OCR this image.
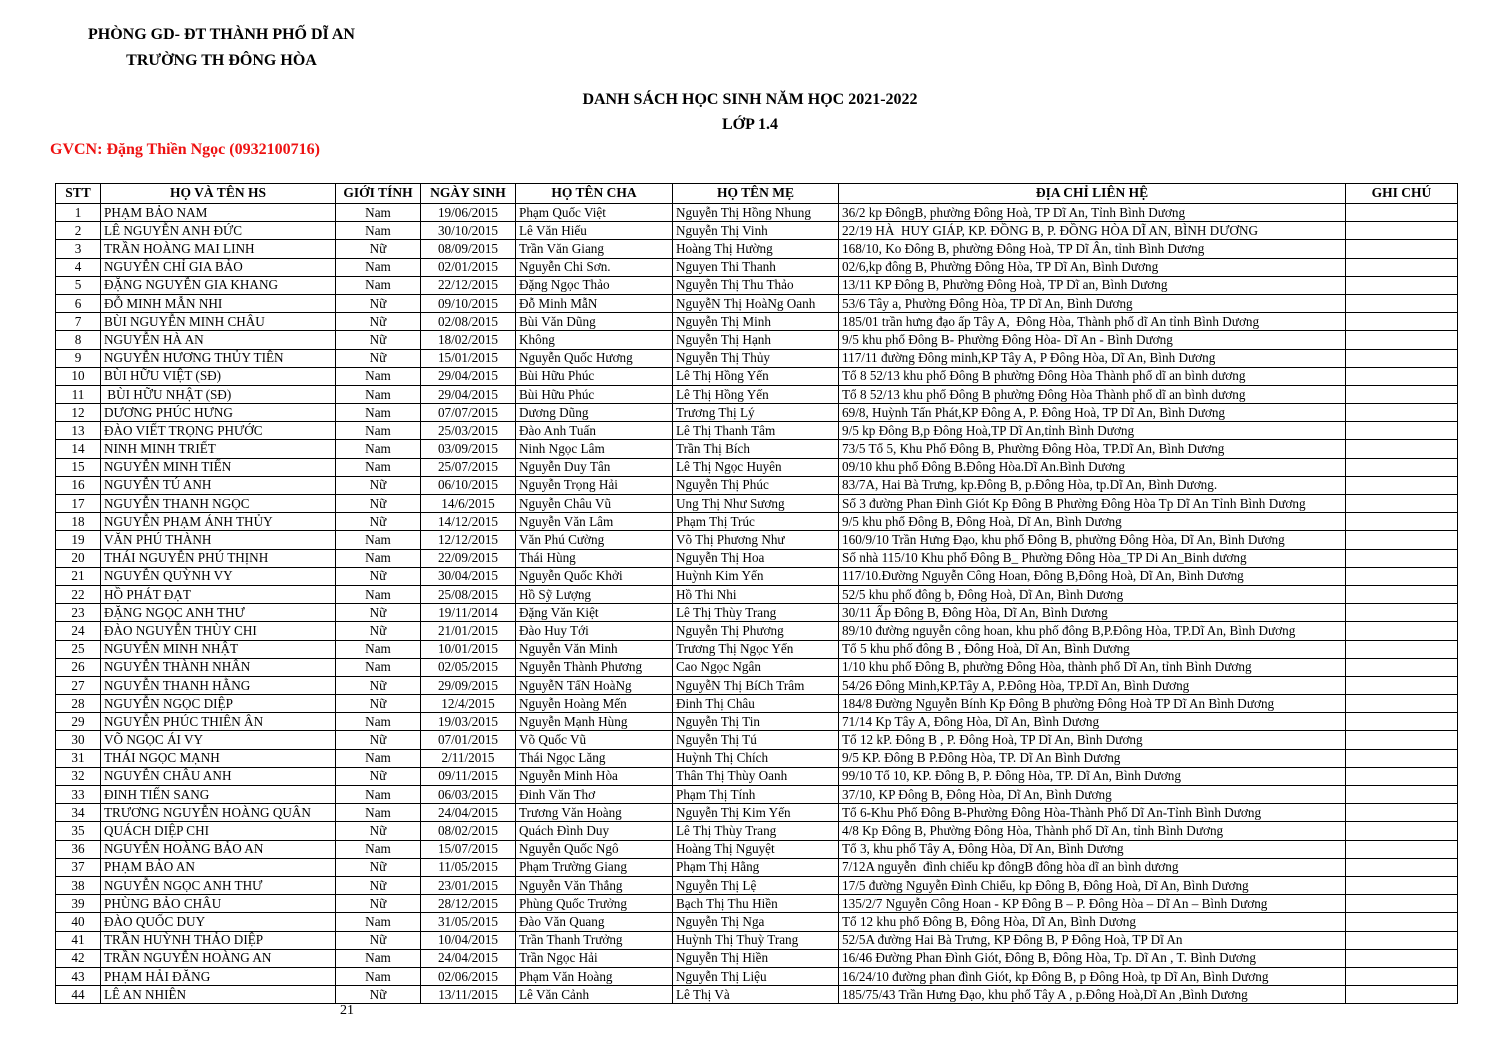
PHÒNG GD- ĐT THÀNH PHỐ DĨ AN
TRƯỜNG TH ĐÔNG HÒA
DANH SÁCH HỌC SINH NĂM HỌC 2021-2022
LỚP 1.4
GVCN: Đặng Thiền Ngọc (0932100716)
STT	HỌ VÀ TÊN HS	GIỚI TÍNH	NGÀY SINH	HỌ TÊN CHA	HỌ TÊN MẸ	ĐỊA CHỈ LIÊN HỆ	GHI CHÚ
1	PHẠM BẢO NAM	Nam	19/06/2015	Phạm Quốc Việt	Nguyễn Thị Hồng Nhung	36/2 kp ĐôngB, phường Đông Hoà, TP Dĩ An, Tỉnh Bình Dương	
2	LÊ NGUYỄN ANH ĐỨC	Nam	30/10/2015	Lê Văn Hiếu	Nguyễn Thị Vinh	22/19 HÀ  HUY GIÁP, KP. ĐỒNG B, P. ĐỒNG HÒA DĨ AN, BÌNH DƯƠNG	
3	TRẦN HOÀNG MAI LINH	Nữ	08/09/2015	Trần Văn Giang	Hoàng Thị Hường	168/10, Ko Đông B, phường Đông Hoà, TP Dĩ Ân, tỉnh Bình Dương	
4	NGUYỄN CHỈ GIA BẢO	Nam	02/01/2015	Nguyễn Chi Sơn.	Nguyen Thi Thanh	02/6,kp đông B, Phường Đông Hòa, TP Dĩ An, Bình Dương	
5	ĐẶNG NGUYỄN GIA KHANG	Nam	22/12/2015	Đặng Ngọc Thảo	Nguyễn Thị Thu Thảo	13/11 KP Đông B, Phường Đông Hoà, TP Dĩ an, Bình Dương	
6	ĐỖ MINH MẪN NHI	Nữ	09/10/2015	Đỗ Minh MẫN	NguyễN Thị HoàNg Oanh	53/6 Tây a, Phường Đông Hòa, TP Dĩ An, Bình Dương	
7	BÙI NGUYỄN MINH CHÂU	Nữ	02/08/2015	Bùi Văn Dũng	Nguyễn Thị Minh	185/01 trần hưng đạo ấp Tây A,  Đông Hòa, Thành phố dĩ An tỉnh Bình Dương	
8	NGUYỄN HÀ AN	Nữ	18/02/2015	Không	Nguyễn Thị Hạnh	9/5 khu phố Đông B- Phường Đông Hòa- Dĩ An - Bình Dương	
9	NGUYỄN HƯƠNG THỦY TIÊN	Nữ	15/01/2015	Nguyễn Quốc Hương	Nguyễn Thị Thủy	117/11 đường Đông minh,KP Tây A, P Đông Hòa, Dĩ An, Bình Dương	
10	BÙI HỮU VIỆT (SĐ)	Nam	29/04/2015	Bùi Hữu Phúc	Lê Thị Hồng Yến	Tổ 8 52/13 khu phố Đông B phường Đông Hòa Thành phố dĩ an bình dương	
11	BÙI HỮU NHẬT (SĐ)	Nam	29/04/2015	Bùi Hữu Phúc	Lê Thị Hồng Yến	Tổ 8 52/13 khu phố Đông B phường Đông Hòa Thành phố dĩ an bình dương	
12	DƯƠNG PHÚC HƯNG	Nam	07/07/2015	Dương Dũng	Trương Thị Lý	69/8, Huỳnh Tấn Phát,KP Đông A, P. Đông Hoà, TP Dĩ An, Bình Dương	
13	ĐÀO VIẾT TRỌNG PHƯỚC	Nam	25/03/2015	Đào Anh Tuấn	Lê Thị Thanh Tâm	9/5 kp Đông B,p Đông Hoà,TP Dĩ An,tỉnh Bình Dương	
14	NINH MINH TRIẾT	Nam	03/09/2015	Ninh Ngọc Lâm	Trần Thị Bích	73/5 Tổ 5, Khu Phố Đông B, Phường Đông Hòa, TP.Dĩ An, Bình Dương	
15	NGUYỄN MINH TIẾN	Nam	25/07/2015	Nguyễn Duy Tân	Lê Thị Ngọc Huyên	09/10 khu phố Đông B.Đông Hòa.Dĩ An.Bình Dương	
16	NGUYỄN TÚ ANH	Nữ	06/10/2015	Nguyễn Trọng Hải	Nguyễn Thị Phúc	83/7A, Hai Bà Trưng, kp.Đông B, p.Đông Hòa, tp.Dĩ An, Bình Dương.	
17	NGUYỄN THANH NGỌC	Nữ	14/6/2015	Nguyễn Châu Vũ	Ung Thị Như Sương	Số 3 đường Phan Đình Giót Kp Đông B Phường Đông Hòa Tp Dĩ An Tỉnh Bình Dương	
18	NGUYỄN PHẠM ÁNH THỦY	Nữ	14/12/2015	Nguyễn Văn Lâm	Phạm Thị Trúc	9/5 khu phố Đông B, Đông Hoà, Dĩ An, Bình Dương	
19	VĂN PHÚ THÀNH	Nam	12/12/2015	Văn Phú Cường	Võ Thị Phương Như	160/9/10 Trần Hưng Đạo, khu phố Đông B, phường Đông Hòa, Dĩ An, Bình Dương	
20	THÁI NGUYỄN PHÚ THỊNH	Nam	22/09/2015	Thái Hùng	Nguyễn Thị Hoa	Số nhà 115/10 Khu phố Đông B_ Phường Đông Hòa_TP Di An_Binh dương	
21	NGUYỄN QUỲNH VY	Nữ	30/04/2015	Nguyễn Quốc Khởi	Huỳnh Kim Yến	117/10.Đường Nguyễn Công Hoan, Đông B,Đông Hoà, Dĩ An, Bình Dương	
22	HỒ PHÁT ĐẠT	Nam	25/08/2015	Hồ Sỹ Lượng	Hồ Thi Nhi	52/5 khu phố đông b, Đông Hoà, Dĩ An, Bình Dương	
23	ĐẶNG NGỌC ANH THƯ	Nữ	19/11/2014	Đặng Văn Kiệt	Lê Thị Thùy Trang	30/11 Ấp Đông B, Đông Hòa, Dĩ An, Bình Dương	
24	ĐÀO NGUYỄN THÙY CHI	Nữ	21/01/2015	Đào Huy Tới	Nguyễn Thị Phương	89/10 đường nguyễn công hoan, khu phố đông B,P.Đông Hòa, TP.Dĩ An, Bình Dương	
25	NGUYỄN MINH NHẬT	Nam	10/01/2015	Nguyễn Văn Minh	Trương Thị Ngọc Yến	Tổ 5 khu phố đông B , Đông Hoà, Dĩ An, Bình Dương	
26	NGUYỄN THÀNH NHÂN	Nam	02/05/2015	Nguyễn Thành Phương	Cao Ngọc Ngân	1/10 khu phố Đông B, phường Đông Hòa, thành phố Dĩ An, tỉnh Bình Dương	
27	NGUYỄN THANH HẰNG	Nữ	29/09/2015	NguyễN TấN HoàNg	NguyễN Thị BíCh Trâm	54/26 Đông Minh,KP.Tây A, P.Đông Hòa, TP.Dĩ An, Bình Dương	
28	NGUYỄN NGỌC DIỆP	Nữ	12/4/2015	Nguyễn Hoàng Mến	Đinh Thị Châu	184/8 Đường Nguyễn Bính Kp Đông B phường Đông Hoà TP Dĩ An Bình Dương	
29	NGUYỄN PHÚC THIÊN ÂN	Nam	19/03/2015	Nguyễn Mạnh Hùng	Nguyễn Thị Tin	71/14 Kp Tây A, Đông Hòa, Dĩ An, Bình Dương	
30	VÕ NGỌC ÁI VY	Nữ	07/01/2015	Võ Quốc Vũ	Nguyễn Thị Tú	Tổ 12 kP. Đông B , P. Đông Hoà, TP Dĩ An, Bình Dương	
31	THÁI NGỌC MẠNH	Nam	2/11/2015	Thái Ngọc Lăng	Huỳnh Thị Chích	9/5 KP. Đông B P.Đông Hòa, TP. Dĩ An Bình Dương	
32	NGUYỄN CHÂU ANH	Nữ	09/11/2015	Nguyễn Minh Hòa	Thân Thị Thùy Oanh	99/10 Tổ 10, KP. Đông B, P. Đông Hòa, TP. Dĩ An, Bình Dương	
33	ĐINH TIẾN SANG	Nam	06/03/2015	Đinh Văn Thơ	Phạm Thị Tính	37/10, KP Đông B, Đông Hòa, Dĩ An, Bình Dương	
34	TRƯƠNG NGUYỄN HOÀNG QUÂN	Nam	24/04/2015	Trương Văn Hoàng	Nguyễn Thị Kim Yến	Tổ 6-Khu Phố Đông B-Phường Đông Hòa-Thành Phố Dĩ An-Tỉnh Bình Dương	
35	QUÁCH DIỆP CHI	Nữ	08/02/2015	Quách Đình Duy	Lê Thị Thùy Trang	4/8 Kp Đông B, Phường Đông Hòa, Thành phố Dĩ An, tỉnh Bình Dương	
36	NGUYỄN HOÀNG BẢO AN	Nam	15/07/2015	Nguyễn Quốc Ngô	Hoàng Thị Nguyệt	Tổ 3, khu phố Tây A, Đông Hòa, Dĩ An, Bình Dương	
37	PHẠM BẢO AN	Nữ	11/05/2015	Phạm Trường Giang	Phạm Thị Hằng	7/12A nguyễn  đình chiếu kp đôngB đông hòa dĩ an bình dương	
38	NGUYỄN NGỌC ANH THƯ	Nữ	23/01/2015	Nguyễn Văn Thắng	Nguyễn Thị Lệ	17/5 đường Nguyễn Đình Chiểu, kp Đông B, Đông Hoà, Dĩ An, Bình Dương	
39	PHÙNG BẢO CHÂU	Nữ	28/12/2015	Phùng Quốc Trưởng	Bạch Thị Thu Hiền	135/2/7 Nguyễn Công Hoan - KP Đông B – P. Đông Hòa – Dĩ An – Bình Dương	
40	ĐÀO QUỐC DUY	Nam	31/05/2015	Đào Văn Quang	Nguyễn Thị Nga	Tổ 12 khu phố Đông B, Đông Hòa, Dĩ An, Bình Dương	
41	TRẦN HUỲNH THẢO DIỆP	Nữ	10/04/2015	Trần Thanh Trưởng	Huỳnh Thị Thuỳ Trang	52/5A đường Hai Bà Trưng, KP Đông B, P Đông Hoà, TP Dĩ An	
42	TRẦN NGUYỄN HOÀNG AN	Nam	24/04/2015	Trần Ngọc Hải	Nguyễn Thị Hiền	16/46 Đường Phan Đình Giót, Đông B, Đông Hòa, Tp. Dĩ An , T. Bình Dương	
43	PHẠM HẢI ĐĂNG	Nam	02/06/2015	Phạm Văn Hoàng	Nguyễn Thị Liệu	16/24/10 đường phan đình Giót, kp Đông B, p Đông Hoà, tp Dĩ An, Bình Dương	
44	LÊ AN NHIÊN	Nữ	13/11/2015	Lê Văn Cảnh	Lê Thị Và	185/75/43 Trần Hưng Đạo, khu phố Tây A , p.Đông Hoà,Dĩ An ,Bình Dương	
21
